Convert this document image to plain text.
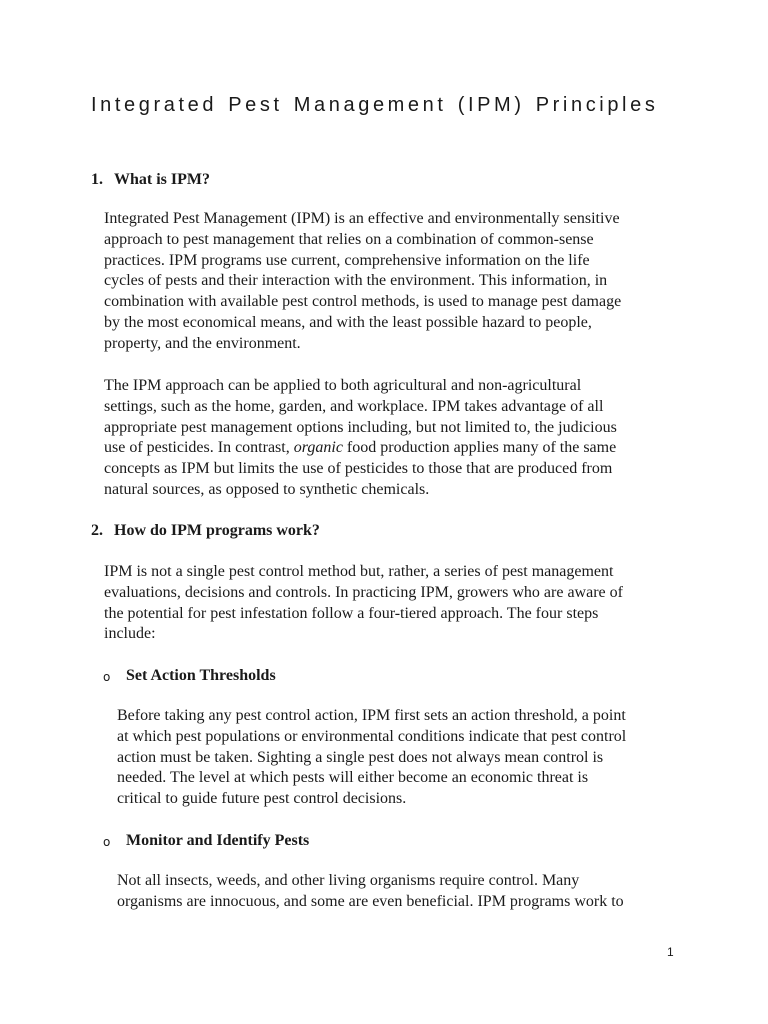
Integrated Pest Management (IPM) Principles
1. What is IPM?
Integrated Pest Management (IPM) is an effective and environmentally sensitive
approach to pest management that relies on a combination of common-sense
practices. IPM programs use current, comprehensive information on the life
cycles of pests and their interaction with the environment. This information, in
combination with available pest control methods, is used to manage pest damage
by the most economical means, and with the least possible hazard to people,
property, and the environment.
The IPM approach can be applied to both agricultural and non-agricultural
settings, such as the home, garden, and workplace. IPM takes advantage of all
appropriate pest management options including, but not limited to, the judicious
use of pesticides. In contrast, organic food production applies many of the same
concepts as IPM but limits the use of pesticides to those that are produced from
natural sources, as opposed to synthetic chemicals.
2. How do IPM programs work?
IPM is not a single pest control method but, rather, a series of pest management
evaluations, decisions and controls. In practicing IPM, growers who are aware of
the potential for pest infestation follow a four-tiered approach. The four steps
include:
o Set Action Thresholds
Before taking any pest control action, IPM first sets an action threshold, a point
at which pest populations or environmental conditions indicate that pest control
action must be taken. Sighting a single pest does not always mean control is
needed. The level at which pests will either become an economic threat is
critical to guide future pest control decisions.
o Monitor and Identify Pests
Not all insects, weeds, and other living organisms require control. Many
organisms are innocuous, and some are even beneficial. IPM programs work to
1
